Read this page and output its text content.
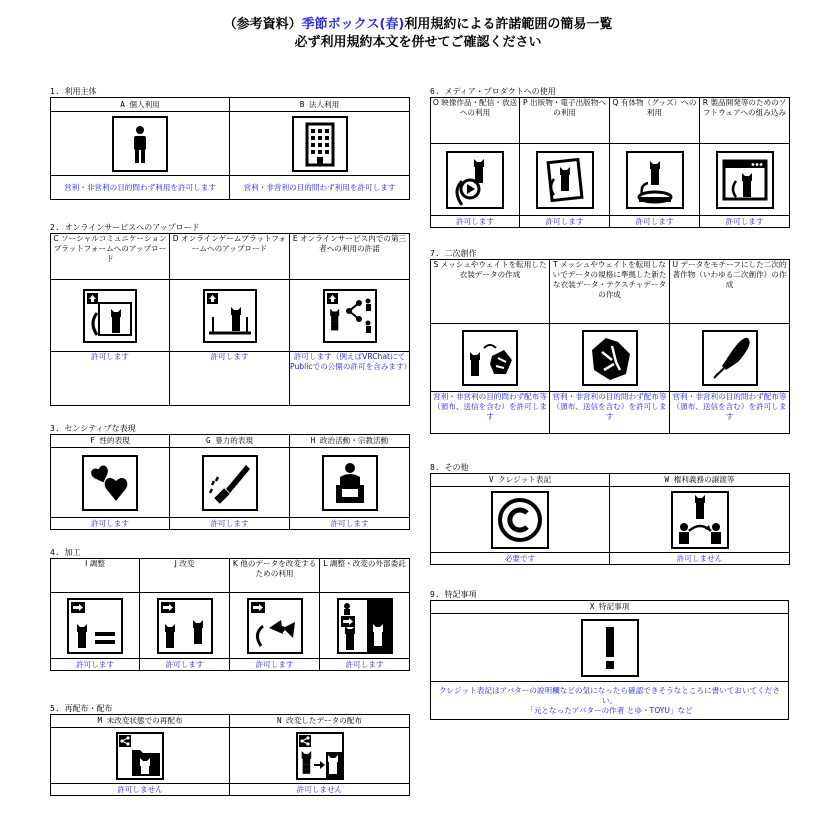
（参考資料）季節ボックス(春)利用規約による許諾範囲の簡易一覧
必ず利用規約本文を併せてご確認ください
1. 利用主体
A 個人利用	B 法人利用

営利・非営利の目的問わず利用を許可します	営利・非営利の目的問わず利用を許可します
2. オンラインサービスへのアップロード
C ソーシャルコミュニケーションプラットフォームへのアップロード	D オンラインゲームプラットフォームへのアップロード	E オンラインサービス内での第三者への利用の許諾

許可します	許可します	許可します（例えばVRChatにてPublicでの公開の許可を含みます）
3. センシティブな表現
F 性的表現	G 暴力的表現	H 政治活動・宗教活動

許可します	許可します	許可します
4. 加工
I 調整	J 改変	K 他のデータを改変するための利用	L 調整・改変の外部委託

許可します	許可します	許可します	許可します
5. 再配布・配布
M 未改変状態での再配布	N 改変したデータの配布

許可しません	許可しません
6. メディア・プロダクトへの使用
O 映像作品・配信・放送への利用	P 出版物・電子出版物への利用	Q 有体物（グッズ）への利用	R 製品開発等のためのソフトウェアへの組み込み

許可します	許可します	許可します	許可します
7. 二次創作
S メッシュやウェイトを転用した衣装データの作成	T メッシュやウェイトを転用しないでデータの規格に準拠した新たな衣装データ・テクスチャデータの作成	U データをモチーフにした二次的著作物（いわゆる二次創作）の作成

営利・非営利の目的問わず配布等（頒布、送信を含む）を許可します	営利・非営利の目的問わず配布等（頒布、送信を含む）を許可します	営利・非営利の目的問わず配布等（頒布、送信を含む）を許可します
8. その他
V クレジット表記	W 権利義務の譲渡等

必要です	許可しません
9. 特記事項
X 特記事項

クレジット表記はアバターの説明欄などの気になったら確認できそうなところに書いておいてください。
「元となったアバターの作者 とゆ・TOYU」など
